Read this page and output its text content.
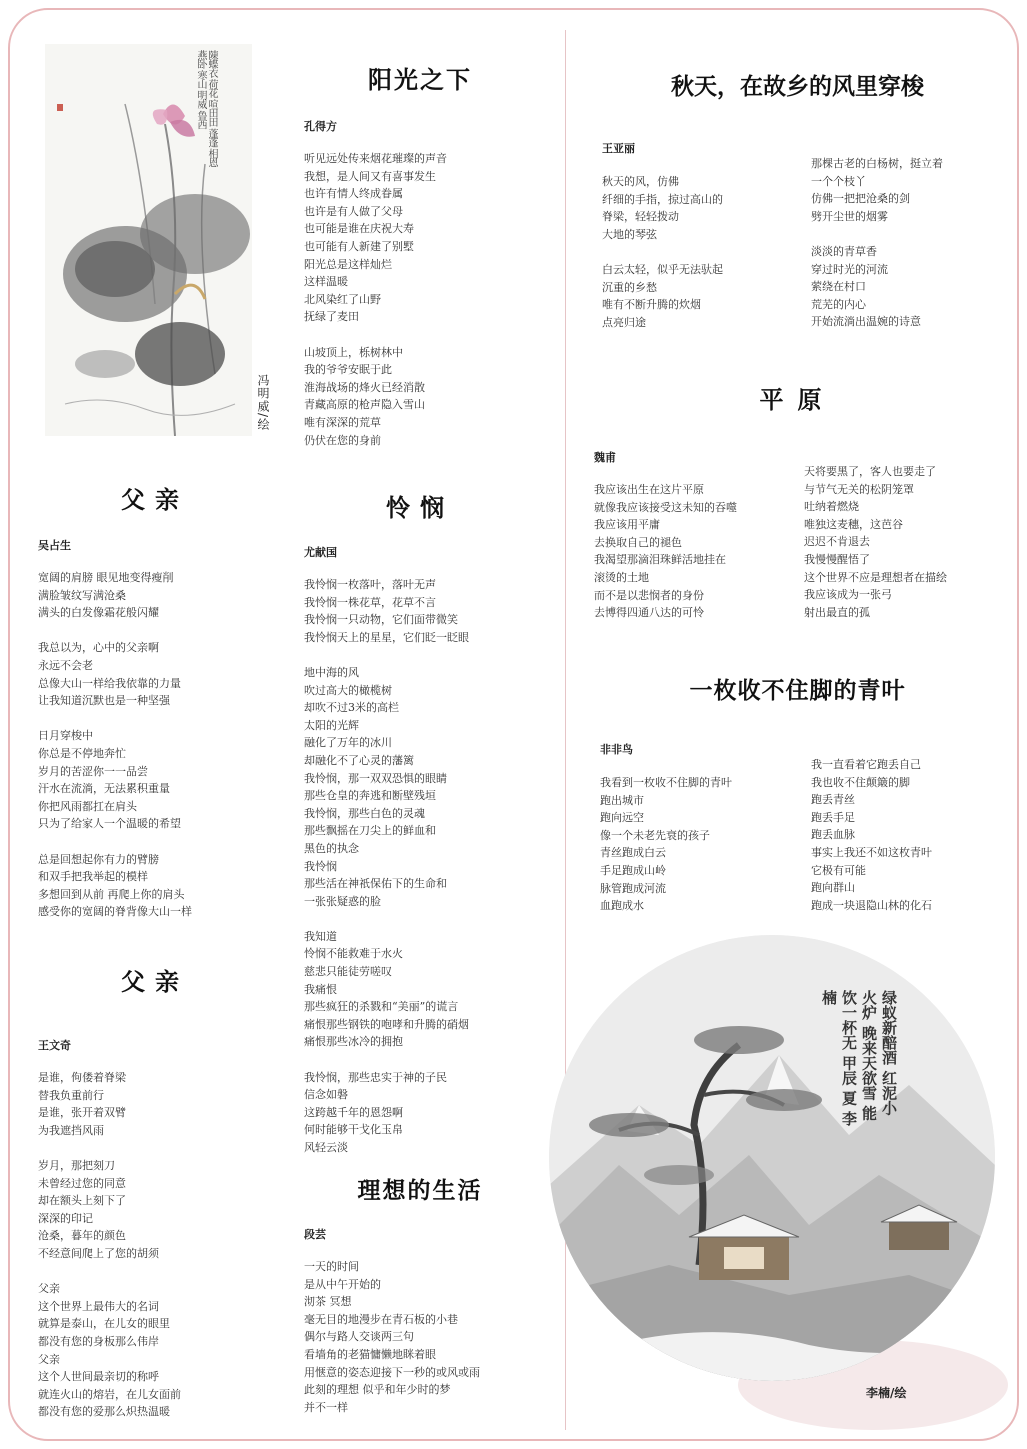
陳蝶衣 荷花 喧田田 蓬蓬 相恩 燕卧 寒山 明威 鲁西
冯明威/绘
阳光之下
孔得方
听见远处传来烟花璀璨的声音
我想，是人间又有喜事发生
也许有情人终成眷属
也许是有人做了父母
也可能是谁在庆祝大寿
也可能有人新建了别墅
阳光总是这样灿烂
这样温暖
北风染红了山野
抚绿了麦田
山坡顶上，栎树林中
我的爷爷安眠于此
淮海战场的烽火已经消散
青藏高原的枪声隐入雪山
唯有深深的荒草
仍伏在您的身前
父亲
吴占生
宽阔的肩膀 眼见地变得瘦削
满脸皱纹写满沧桑
满头的白发像霜花般闪耀
我总以为，心中的父亲啊
永远不会老
总像大山一样给我依靠的力量
让我知道沉默也是一种坚强
日月穿梭中
你总是不停地奔忙
岁月的苦涩你一一品尝
汗水在流淌，无法累积重量
你把风雨都扛在肩头
只为了给家人一个温暖的希望
总是回想起你有力的臂膀
和双手把我举起的模样
多想回到从前 再爬上你的肩头
感受你的宽阔的脊背像大山一样
父亲
王文奇
是谁，佝偻着脊梁
替我负重前行
是谁，张开着双臂
为我遮挡风雨
岁月，那把刻刀
未曾经过您的同意
却在额头上刻下了
深深的印记
沧桑，暮年的颜色
不经意间爬上了您的胡须
父亲
这个世界上最伟大的名词
就算是泰山，在儿女的眼里
都没有您的身板那么伟岸
父亲
这个人世间最亲切的称呼
就连火山的熔岩，在儿女面前
都没有您的爱那么炽热温暖
怜悯
尤献国
我怜悯一枚落叶，落叶无声
我怜悯一株花草，花草不言
我怜悯一只动物，它们面带微笑
我怜悯天上的星星，它们眨一眨眼
地中海的风
吹过高大的橄榄树
却吹不过3米的高栏
太阳的光辉
融化了万年的冰川
却融化不了心灵的藩篱
我怜悯，那一双双恐惧的眼睛
那些仓皇的奔逃和断壁残垣
我怜悯，那些白色的灵魂
那些飘摇在刀尖上的鲜血和
黑色的执念
我怜悯
那些活在神祇保佑下的生命和
一张张疑惑的脸
我知道
怜悯不能救难于水火
慈悲只能徒劳嗟叹
我痛恨
那些疯狂的杀戮和“美丽”的谎言
痛恨那些钢铁的咆哮和升腾的硝烟
痛恨那些冰冷的拥抱
我怜悯，那些忠实于神的子民
信念如磐
这跨越千年的恩怨啊
何时能够干戈化玉帛
风轻云淡
理想的生活
段芸
一天的时间
是从中午开始的
沏茶 冥想
毫无目的地漫步在青石板的小巷
偶尔与路人交谈两三句
看墙角的老猫慵懒地眯着眼
用惬意的姿态迎接下一秒的或风或雨
此刻的理想 似乎和年少时的梦
并不一样
秋天，在故乡的风里穿梭
王亚丽
秋天的风，仿佛
纤细的手指，掠过高山的
脊梁，轻轻拨动
大地的琴弦
白云太轻，似乎无法驮起
沉重的乡愁
唯有不断升腾的炊烟
点亮归途
那棵古老的白杨树，挺立着
一个个枝丫
仿佛一把把沧桑的剑
劈开尘世的烟雾
淡淡的青草香
穿过时光的河流
萦绕在村口
荒芜的内心
开始流淌出温婉的诗意
平原
魏甫
我应该出生在这片平原
就像我应该接受这未知的吞噬
我应该用平庸
去换取自己的褪色
我渴望那滴泪珠鲜活地挂在
滚烫的土地
而不是以悲悯者的身份
去博得四通八达的可怜
天将要黑了，客人也要走了
与节气无关的松阴笼罩
吐纳着燃烧
唯独这麦穗，这芭谷
迟迟不肯退去
我慢慢醒悟了
这个世界不应是理想者在描绘
我应该成为一张弓
射出最直的孤
一枚收不住脚的青叶
非非鸟
我看到一枚收不住脚的青叶
跑出城市
跑向远空
像一个未老先衰的孩子
青丝跑成白云
手足跑成山岭
脉管跑成河流
血跑成水
我一直看着它跑丢自己
我也收不住颠簸的脚
跑丢青丝
跑丢手足
跑丢血脉
事实上我还不如这枚青叶
它极有可能
跑向群山
跑成一块退隐山林的化石
绿蚁新醅酒 红泥小火炉 晚来天欲雪 能饮一杯无 甲辰 夏 李楠
李楠/绘
